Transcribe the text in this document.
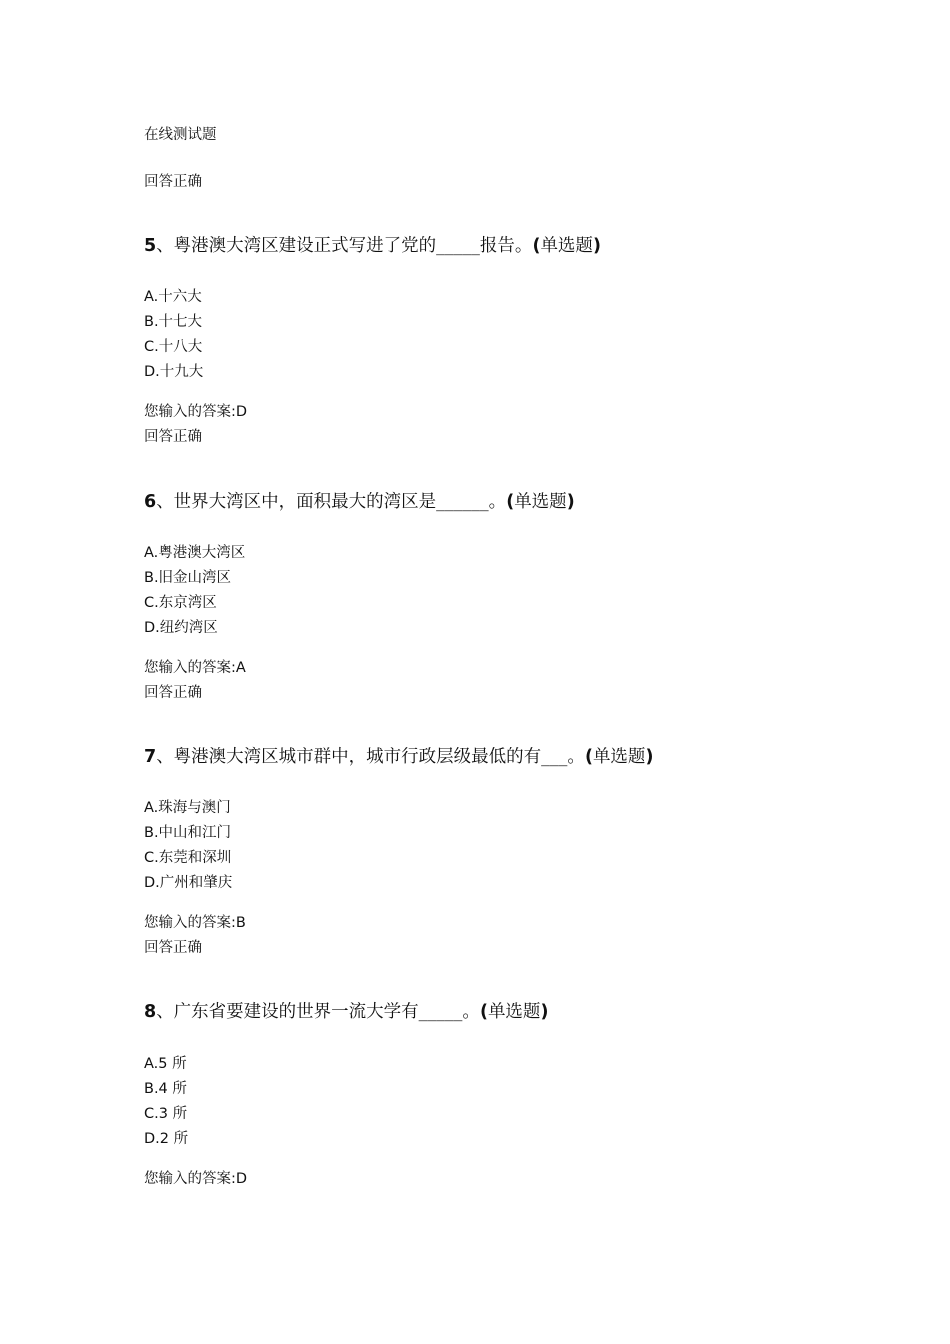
在线测试题
回答正确
5、粤港澳大湾区建设正式写进了党的_____报告。(单选题)
A.十六大
B.十七大
C.十八大
D.十九大
您输入的答案:D
回答正确
6、世界大湾区中，面积最大的湾区是______。(单选题)
A.粤港澳大湾区
B.旧金山湾区
C.东京湾区
D.纽约湾区
您输入的答案:A
回答正确
7、粤港澳大湾区城市群中，城市行政层级最低的有___。(单选题)
A.珠海与澳门
B.中山和江门
C.东莞和深圳
D.广州和肇庆
您输入的答案:B
回答正确
8、广东省要建设的世界一流大学有_____。(单选题)
A.5 所
B.4 所
C.3 所
D.2 所
您输入的答案:D
